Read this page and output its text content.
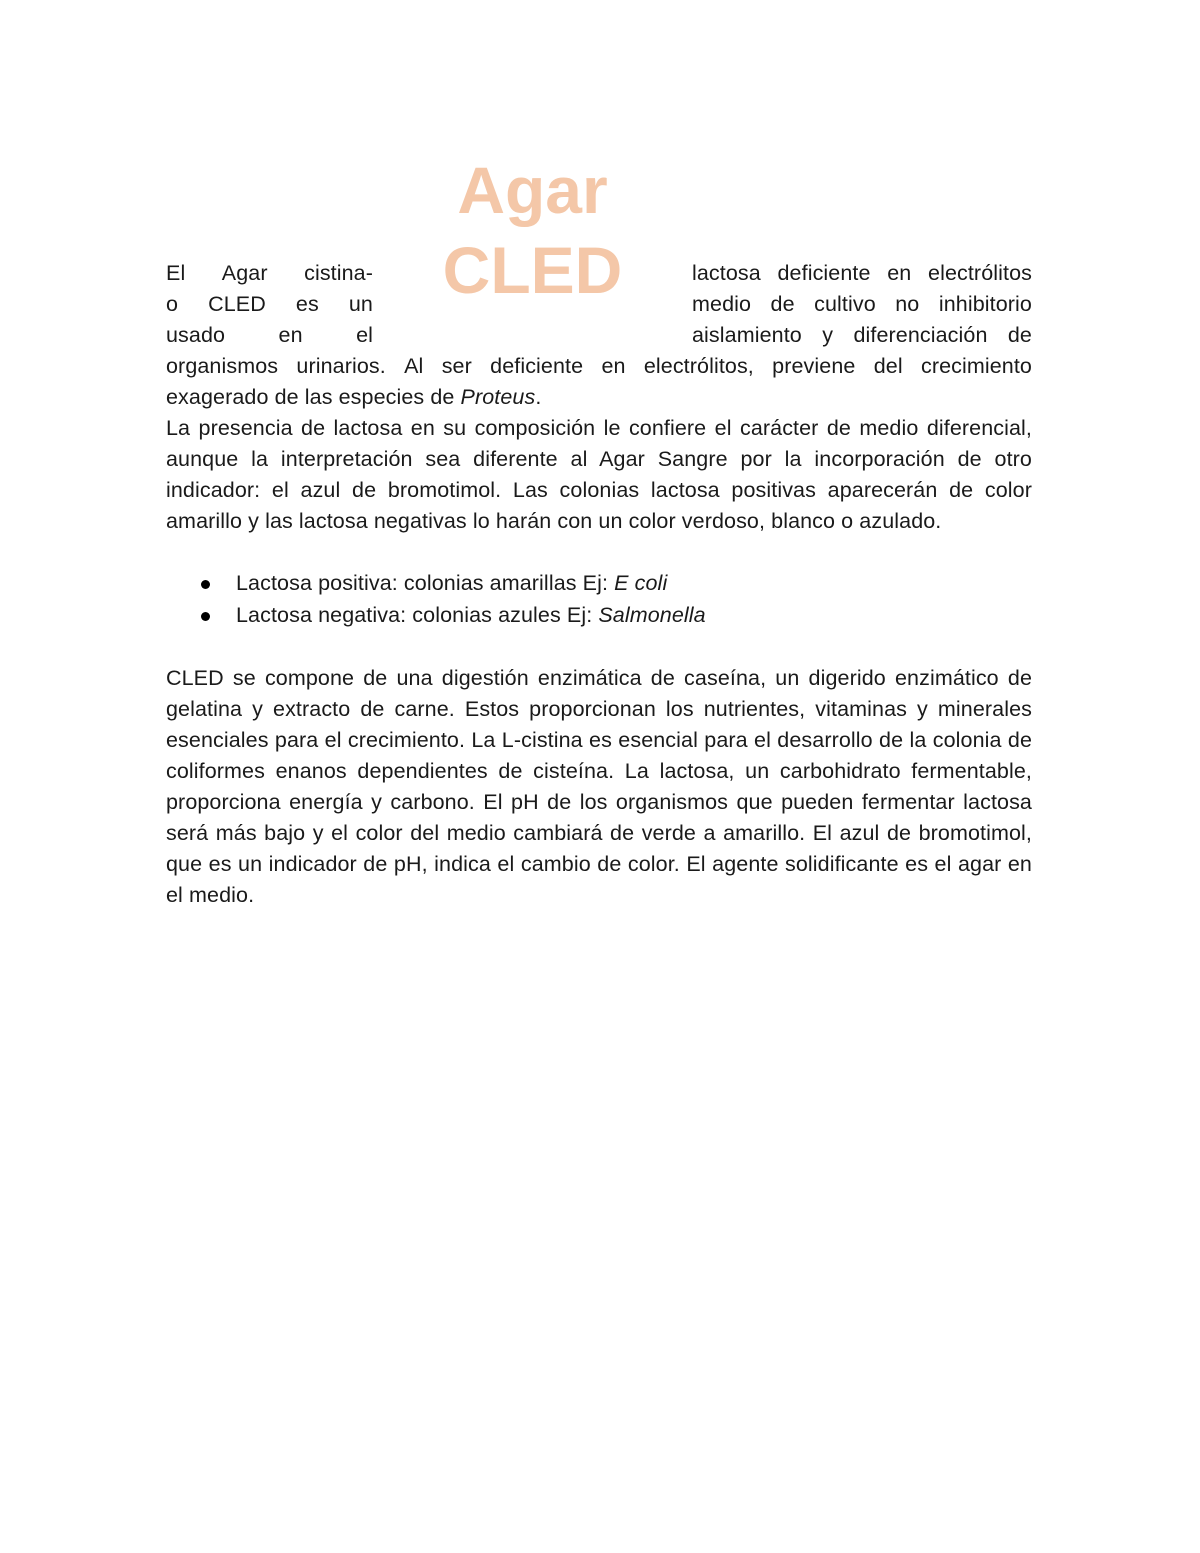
Agar
CLED
El Agar cistina-
o CLED es un
usado en el
lactosa deficiente en electrólitos
medio de cultivo no inhibitorio
aislamiento y diferenciación de
organismos urinarios. Al ser deficiente en electrólitos, previene del crecimiento
exagerado de las especies de Proteus.
La presencia de lactosa en su composición le confiere el carácter de medio diferencial, aunque la interpretación sea diferente al Agar Sangre por la incorporación de otro indicador: el azul de bromotimol. Las colonias lactosa positivas aparecerán de color amarillo y las lactosa negativas lo harán con un color verdoso, blanco o azulado.
Lactosa positiva: colonias amarillas Ej: E coli
Lactosa negativa: colonias azules Ej: Salmonella
CLED se compone de una digestión enzimática de caseína, un digerido enzimático de gelatina y extracto de carne. Estos proporcionan los nutrientes, vitaminas y minerales esenciales para el crecimiento. La L-cistina es esencial para el desarrollo de la colonia de coliformes enanos dependientes de cisteína. La lactosa, un carbohidrato fermentable, proporciona energía y carbono. El pH de los organismos que pueden fermentar lactosa será más bajo y el color del medio cambiará de verde a amarillo. El azul de bromotimol, que es un indicador de pH, indica el cambio de color. El agente solidificante es el agar en el medio.
